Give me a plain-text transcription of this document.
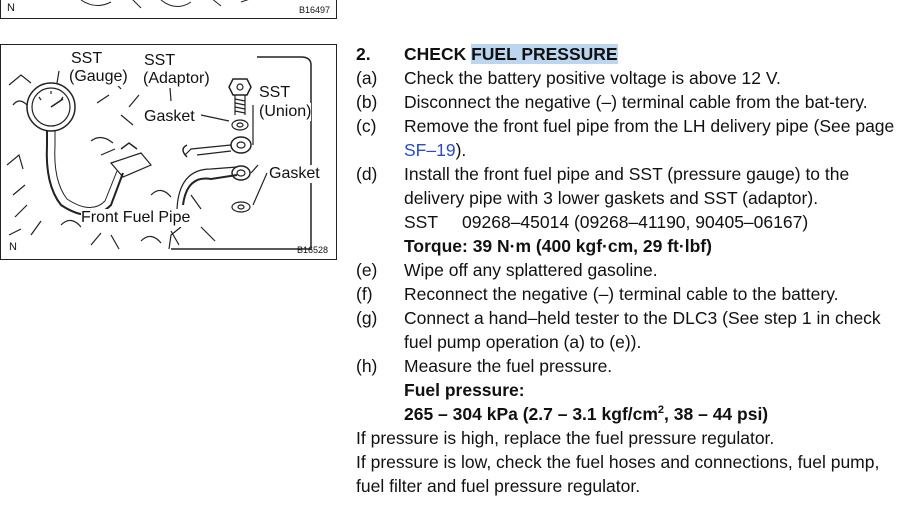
N	B16497
SST
(Gauge)
SST
(Adaptor)
Gasket
SST
(Union)
Gasket
Front Fuel Pipe
N	B16528
2.	CHECK FUEL PRESSURE
(a)	Check the battery positive voltage is above 12 V.
(b)	Disconnect the negative (–) terminal cable from the bat-tery.
(c)	Remove the front fuel pipe from the LH delivery pipe (See page SF–19).
(d)	Install the front fuel pipe and SST (pressure gauge) to the delivery pipe with 3 lower gaskets and SST (adaptor).
SST     09268–45014 (09268–41190, 90405–06167)
Torque: 39 N·m (400 kgf·cm, 29 ft·lbf)
(e)	Wipe off any splattered gasoline.
(f)	Reconnect the negative (–) terminal cable to the battery.
(g)	Connect a hand–held tester to the DLC3 (See step 1 in check fuel pump operation (a) to (e)).
(h)	Measure the fuel pressure.
Fuel pressure:
265 – 304 kPa (2.7 – 3.1 kgf/$cm^2$, 38 – 44 psi)
If pressure is high, replace the fuel pressure regulator.
If pressure is low, check the fuel hoses and connections, fuel pump, fuel filter and fuel pressure regulator.
